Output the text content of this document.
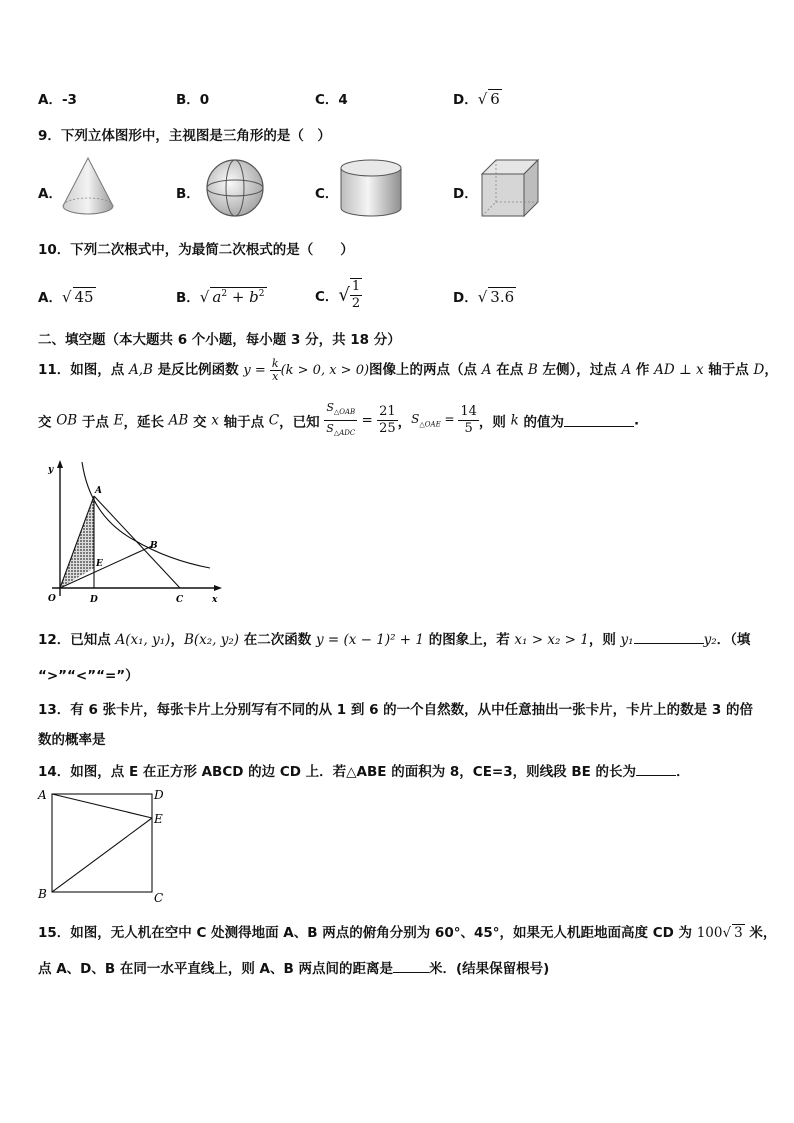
A．-3	B．0	C．4	D．√ 6
9．下列立体图形中，主视图是三角形的是（　）
A．	B．	C．	D．
10．下列二次根式中，为最简二次根式的是（　　）
A．√ 45	B．√ $a^2 + b^2$	C．√ $\frac{1}{2}$	D．√ 3.6
二、填空题（本大题共 6 个小题，每小题 3 分，共 18 分）
11．如图，点 A,B 是反比例函数 $y = \frac{k}{x} (k > 0$, x > 0)图像上的两点（点 A 在点 B 左侧），过点 A 作 AD ⊥ x 轴于点 D，
交 OB 于点 E，延长 AB 交 x 轴于点 C，已知 $\frac{S_{\triangle OAB}}{S_{\triangle ADC}} = \frac{21}{25}$ ，$S_{\triangle OAE} = \frac{14}{5}$ ，则 k 的值为	.
y
x
O
A
B
E
D	C
12．已知点 A(x₁, y₁)，B(x₂, y₂) 在二次函数 y = (x − 1)² + 1 的图象上，若 x₁ > x₂ > 1，则 y₁	y₂．（填
“>”“<”“=”）
13．有 6 张卡片，每张卡片上分别写有不同的从 1 到 6 的一个自然数，从中任意抽出一张卡片，卡片上的数是 3 的倍
数的概率是
14．如图，点 E 在正方形 ABCD 的边 CD 上．若△ABE 的面积为 8，CE=3，则线段 BE 的长为	．
A	D
E
B	C
15．如图，无人机在空中 C 处测得地面 A、B 两点的俯角分别为 60°、45°，如果无人机距地面高度 CD 为 100√ 3 米，
点 A、D、B 在同一水平直线上，则 A、B 两点间的距离是	米．(结果保留根号)
